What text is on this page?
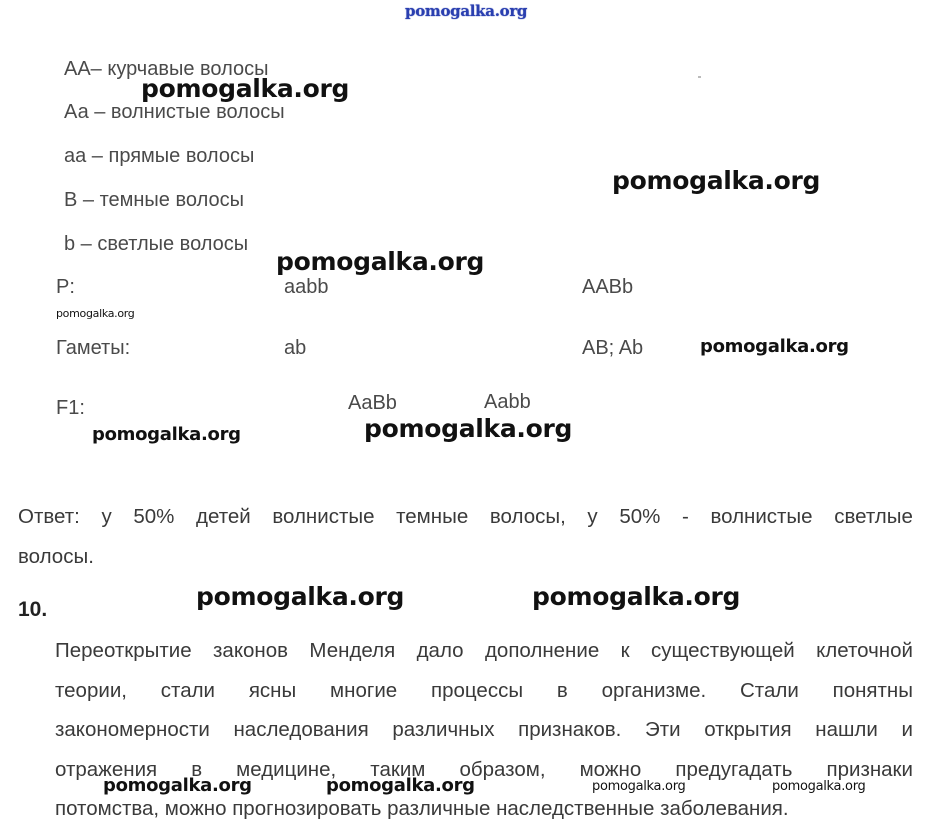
pomogalka.org
АА– курчавые волосы
Аа – волнистые волосы
аа – прямые волосы
В – темные волосы
b – светлые волосы
P:	aabb	AABb
Гаметы:	ab	AB; Ab
F1:	AaBb	Aabb
Ответ: у 50% детей волнистые темные волосы, у 50% - волнистые светлые
волосы.
10.
Переоткрытие законов Менделя дало дополнение к существующей клеточной
теории, стали ясны многие процессы в организме. Стали понятны
закономерности наследования различных признаков. Эти открытия нашли и
отражения в медицине, таким образом, можно предугадать признаки
потомства, можно прогнозировать различные наследственные заболевания.
pomogalka.org
pomogalka.org
pomogalka.org
pomogalka.org
pomogalka.org
pomogalka.org	pomogalka.org
pomogalka.org	pomogalka.org
pomogalka.org	pomogalka.org	pomogalka.org	pomogalka.org
